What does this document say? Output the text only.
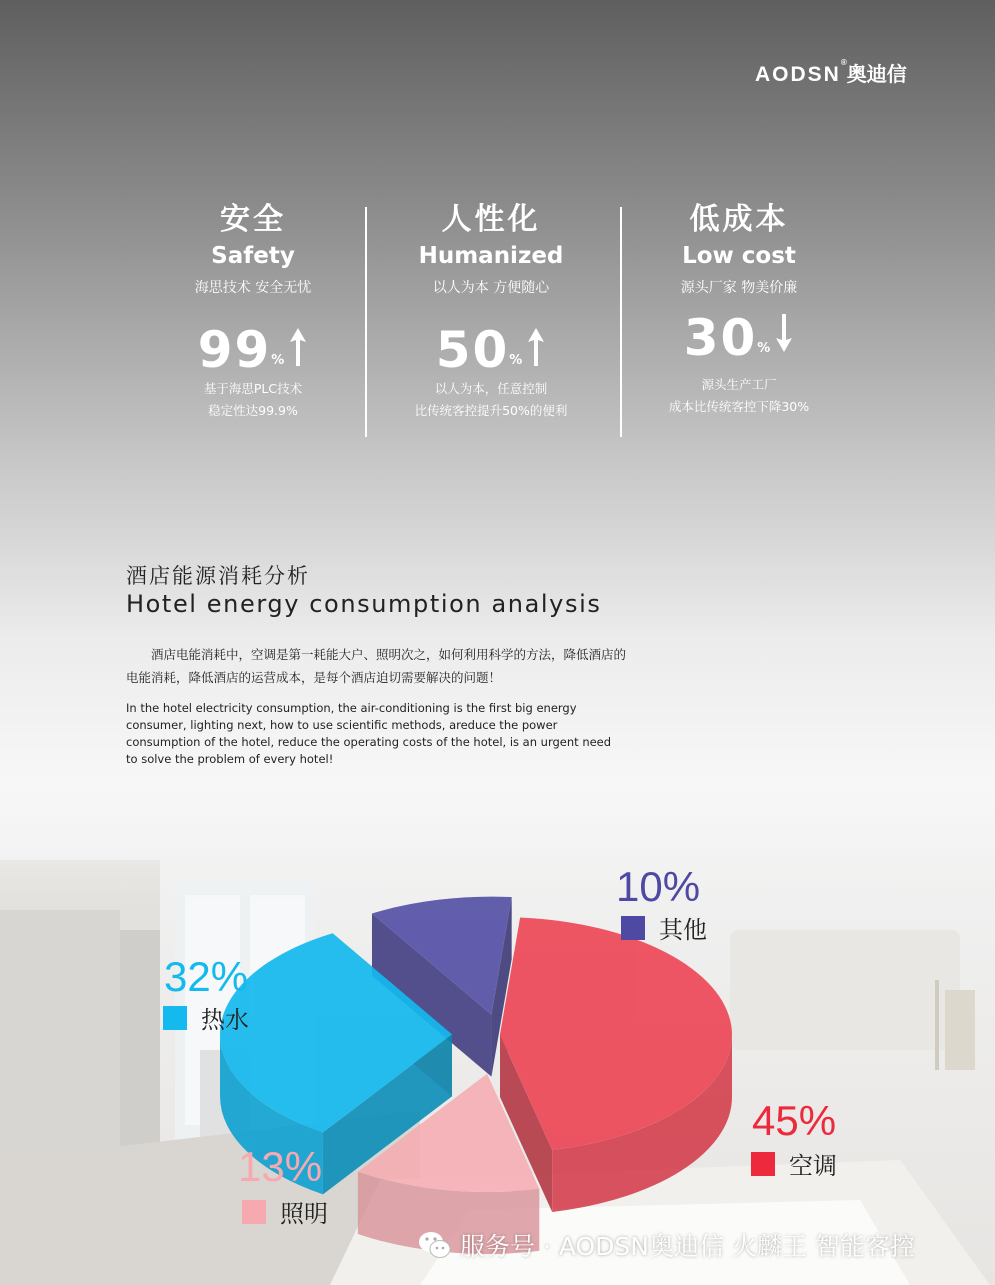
AODSN®奥迪信
安全
Safety
海思技术 安全无忧
99 %
基于海思PLC技术
稳定性达99.9%
人性化
Humanized
以人为本 方便随心
50 %
以人为本，任意控制
比传统客控提升50%的便利
低成本
Low cost
源头厂家 物美价廉
30 %
源头生产工厂
成本比传统客控下降30%
酒店能源消耗分析
Hotel energy consumption analysis
酒店电能消耗中，空调是第一耗能大户、照明次之，如何利用科学的方法，降低酒店的电能消耗，降低酒店的运营成本，是每个酒店迫切需要解决的问题！
In the hotel electricity consumption, the air-conditioning is the first big energy consumer, lighting next, how to use scientific methods, areduce the power consumption of the hotel, reduce the operating costs of the hotel, is an urgent need to solve the problem of every hotel!
10%
其他
32%
热水
45%
空调
13%
照明
服务号 · AODSN奥迪信 火麟王 智能客控
